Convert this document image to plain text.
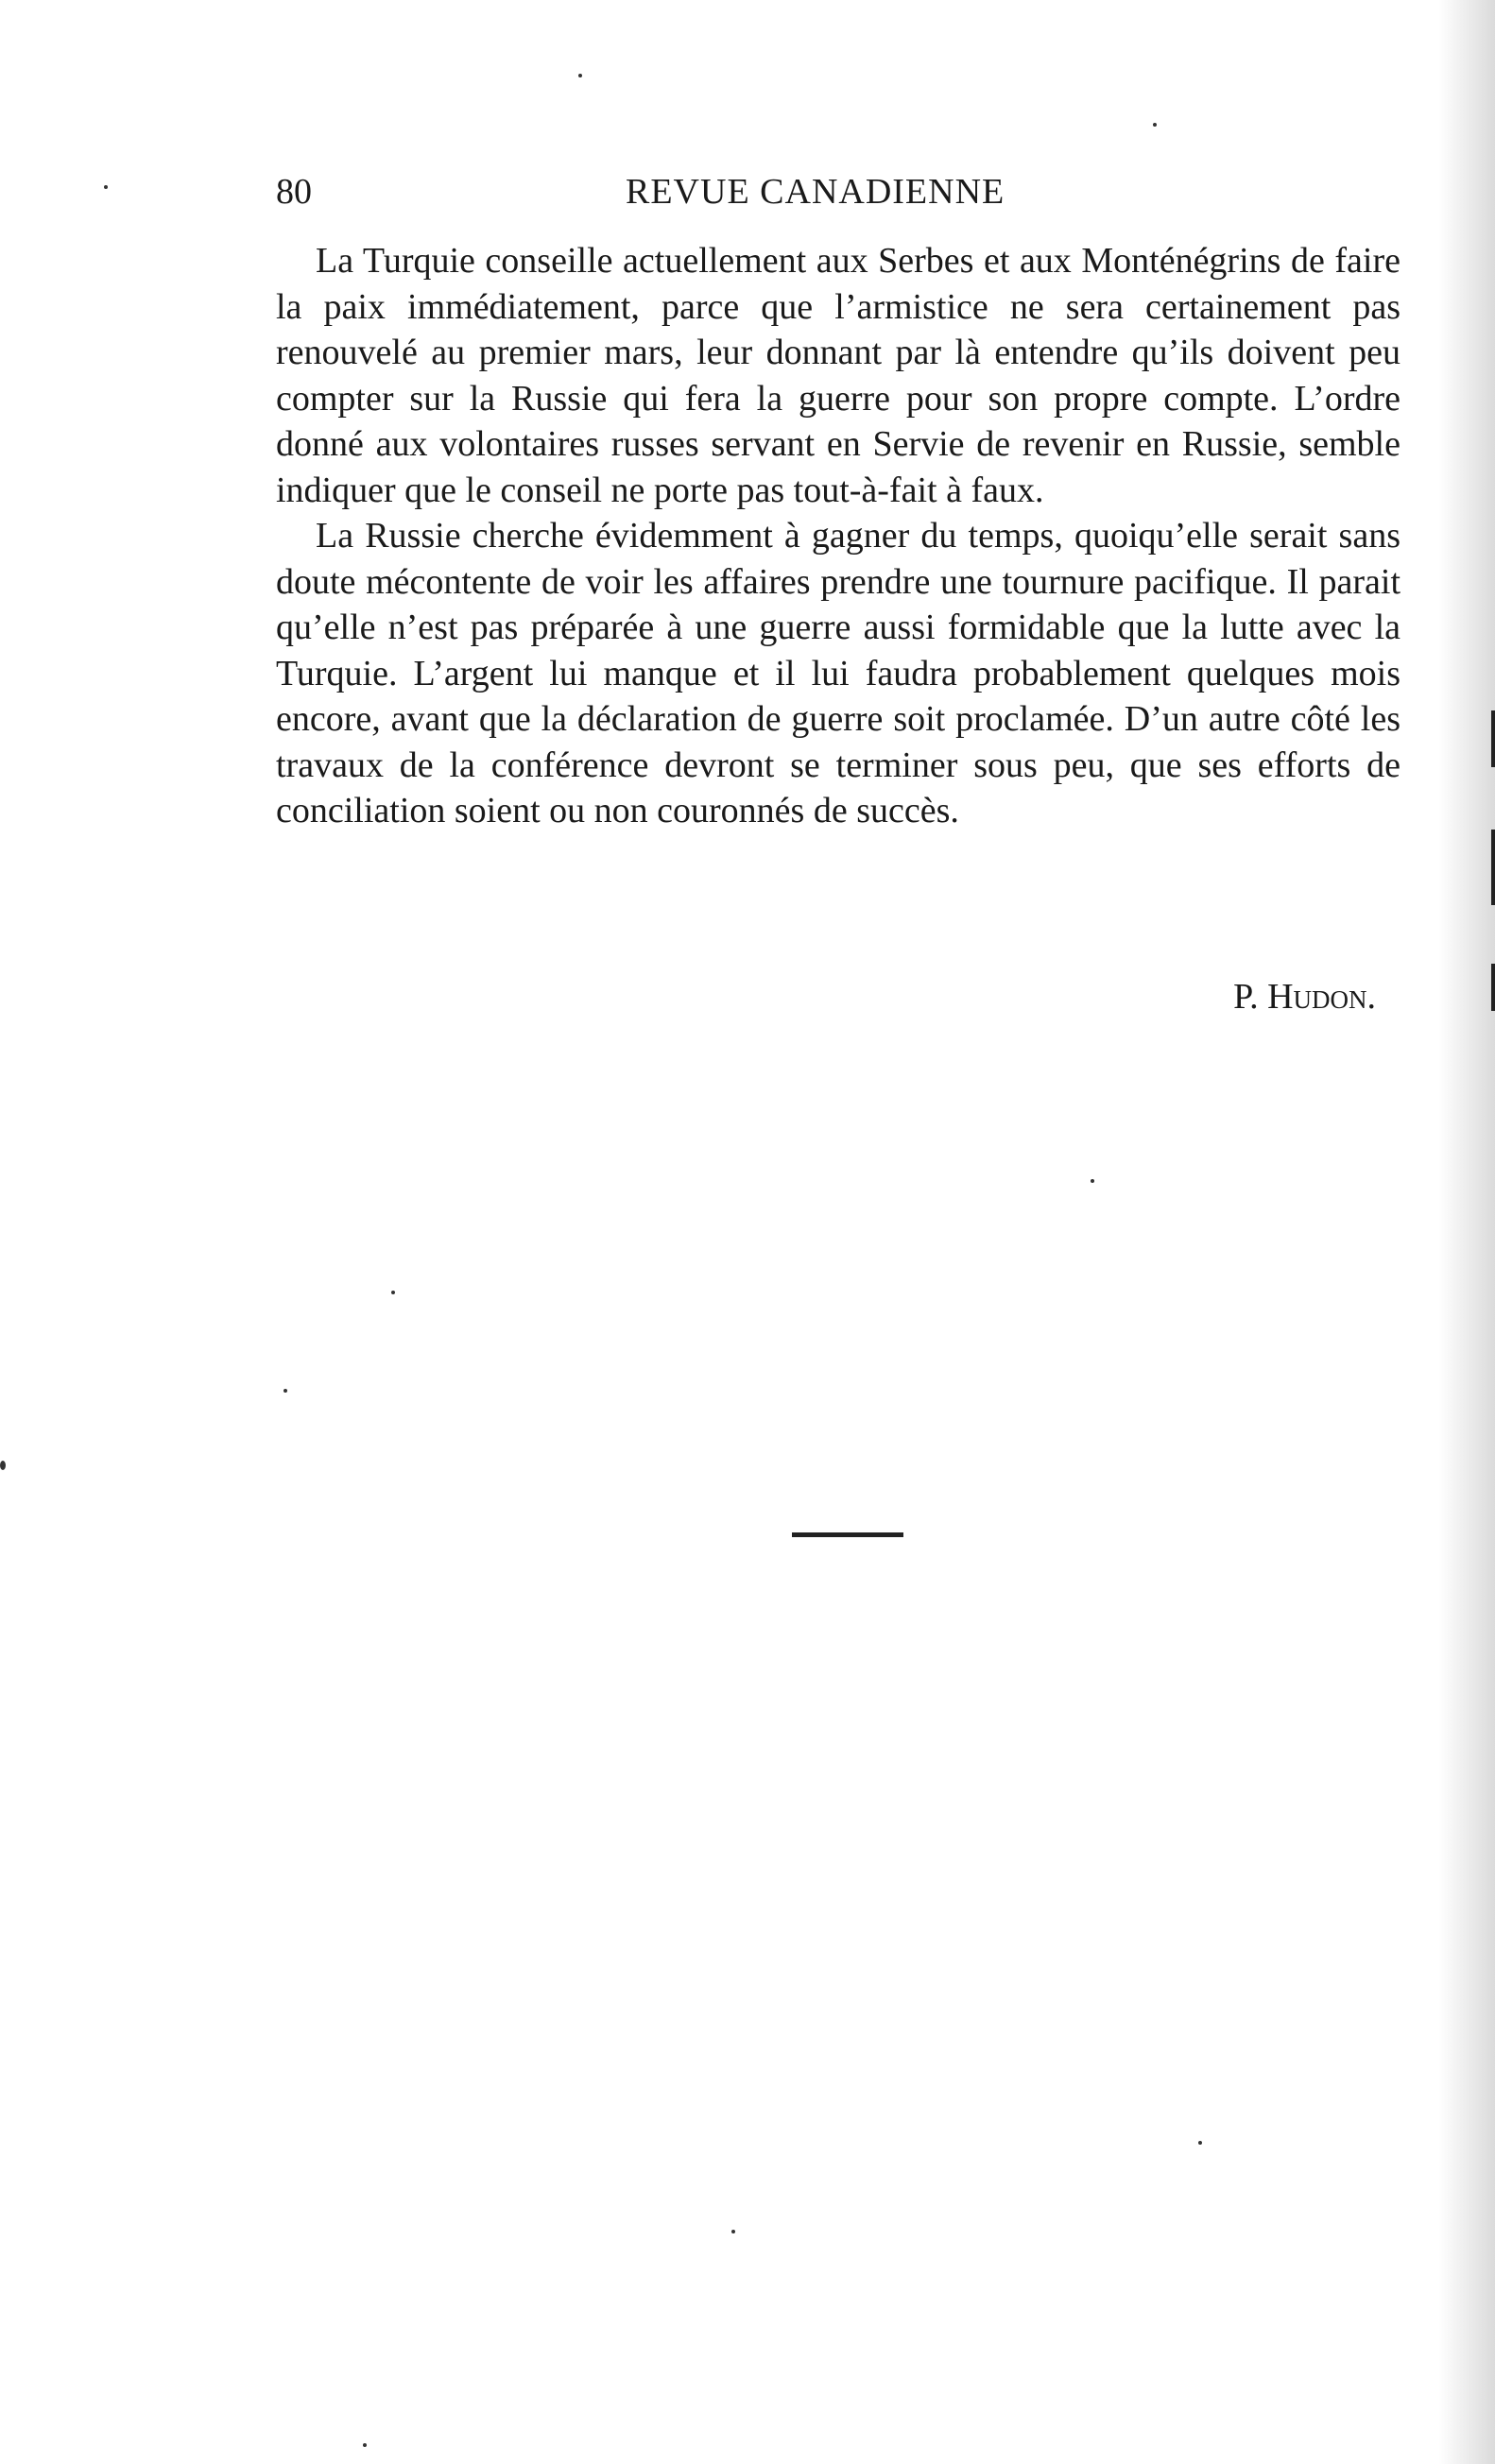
80	REVUE CANADIENNE

La Turquie conseille actuellement aux Serbes et aux Monténégrins de faire la paix immédiatement, parce que l’armistice ne sera certainement pas renouvelé au premier mars, leur donnant par là entendre qu’ils doivent peu compter sur la Russie qui fera la guerre pour son propre compte. L’ordre donné aux volontaires russes servant en Servie de revenir en Russie, semble indiquer que le conseil ne porte pas tout-à-fait à faux.

La Russie cherche évidemment à gagner du temps, quoiqu’elle serait sans doute mécontente de voir les affaires prendre une tournure pacifique. Il parait qu’elle n’est pas préparée à une guerre aussi formidable que la lutte avec la Turquie. L’argent lui manque et il lui faudra probablement quelques mois encore, avant que la déclaration de guerre soit proclamée. D’un autre côté les travaux de la conférence devront se terminer sous peu, que ses efforts de conciliation soient ou non couronnés de succès.

P. Hudon.
